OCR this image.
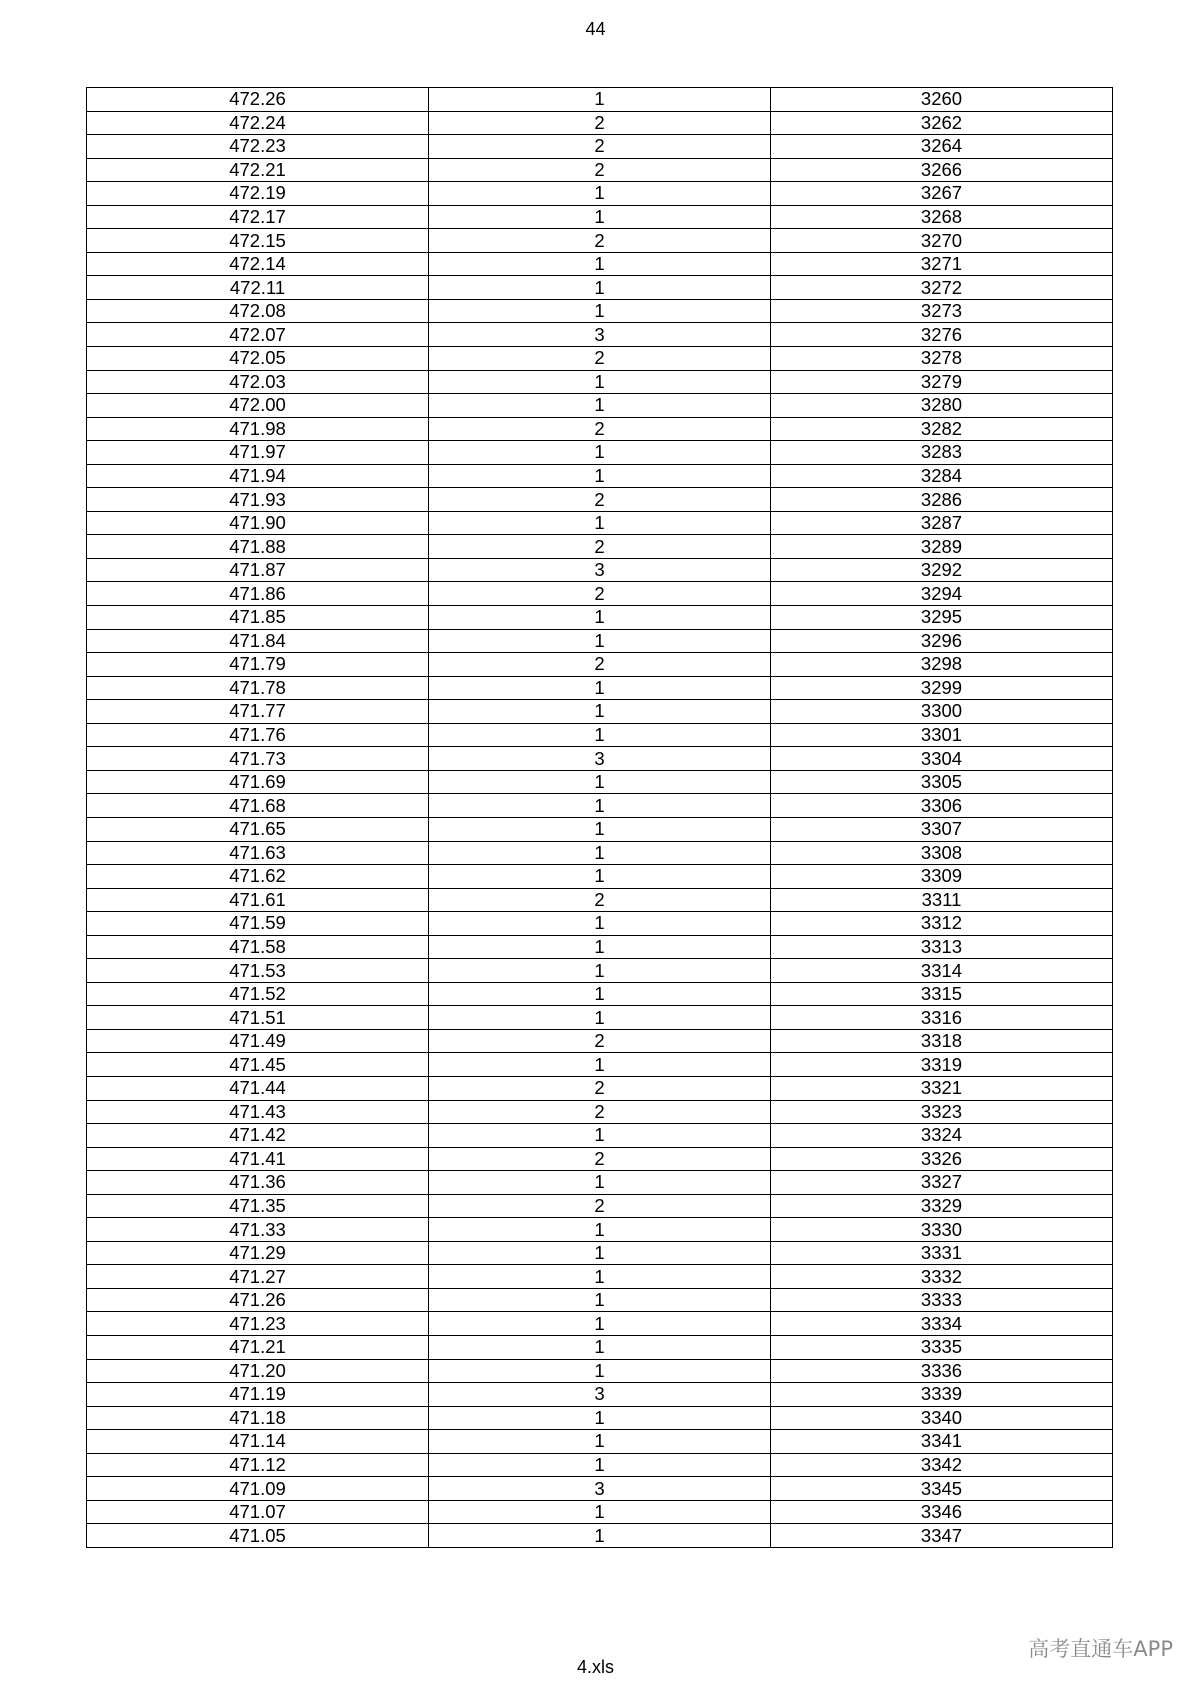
44
472.26	1	3260
472.24	2	3262
472.23	2	3264
472.21	2	3266
472.19	1	3267
472.17	1	3268
472.15	2	3270
472.14	1	3271
472.11	1	3272
472.08	1	3273
472.07	3	3276
472.05	2	3278
472.03	1	3279
472.00	1	3280
471.98	2	3282
471.97	1	3283
471.94	1	3284
471.93	2	3286
471.90	1	3287
471.88	2	3289
471.87	3	3292
471.86	2	3294
471.85	1	3295
471.84	1	3296
471.79	2	3298
471.78	1	3299
471.77	1	3300
471.76	1	3301
471.73	3	3304
471.69	1	3305
471.68	1	3306
471.65	1	3307
471.63	1	3308
471.62	1	3309
471.61	2	3311
471.59	1	3312
471.58	1	3313
471.53	1	3314
471.52	1	3315
471.51	1	3316
471.49	2	3318
471.45	1	3319
471.44	2	3321
471.43	2	3323
471.42	1	3324
471.41	2	3326
471.36	1	3327
471.35	2	3329
471.33	1	3330
471.29	1	3331
471.27	1	3332
471.26	1	3333
471.23	1	3334
471.21	1	3335
471.20	1	3336
471.19	3	3339
471.18	1	3340
471.14	1	3341
471.12	1	3342
471.09	3	3345
471.07	1	3346
471.05	1	3347
4.xls
高考直通车APP
